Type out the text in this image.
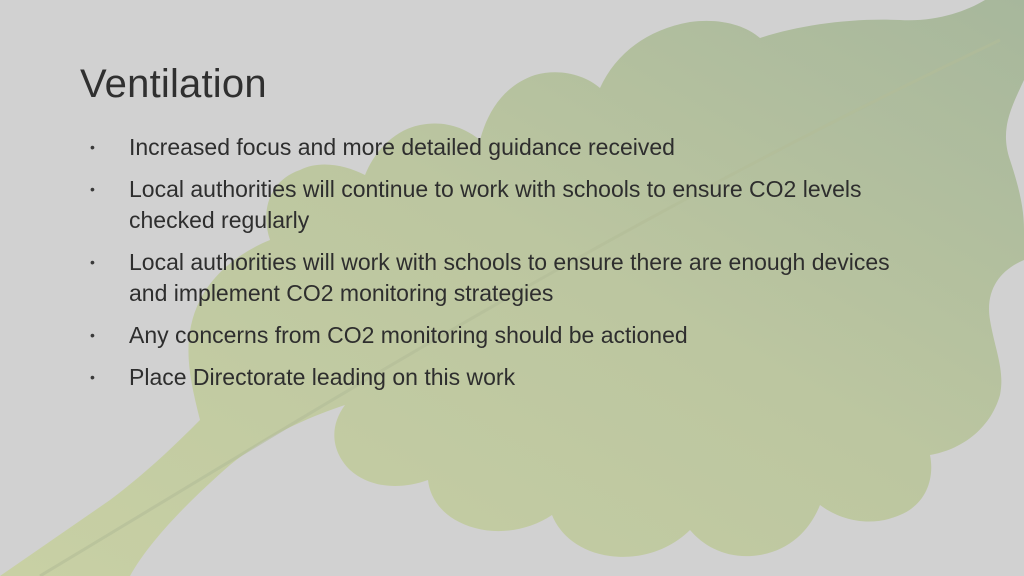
Ventilation
• Increased focus and more detailed guidance received
• Local authorities will continue to work with schools to ensure CO2 levels checked regularly
• Local authorities will work with schools to ensure there are enough devices and implement CO2 monitoring strategies
• Any concerns from CO2 monitoring should be actioned
• Place Directorate leading on this work
